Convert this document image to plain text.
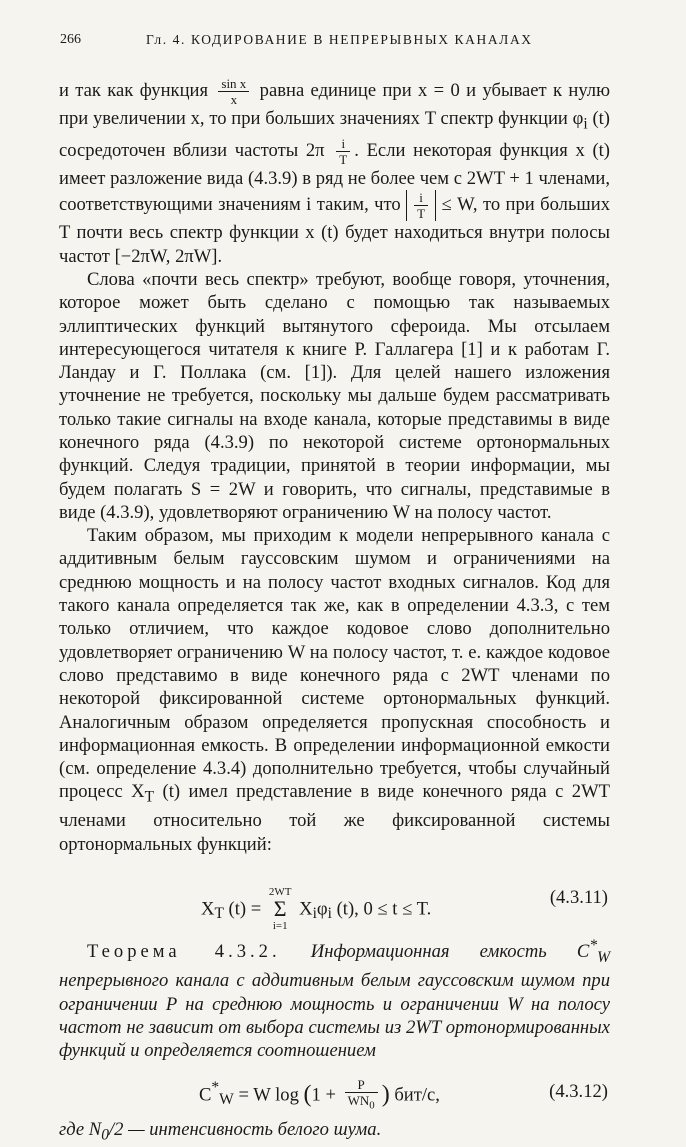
266	Гл. 4. КОДИРОВАНИЕ В НЕПРЕРЫВНЫХ КАНАЛАХ

и так как функция $\frac{\text{sin x}}{x}$ равна единице при x = 0 и убывает к нулю при увеличении x, то при больших значениях T спектр функции $\varphi_i$ (t) сосредоточен вблизи частоты $2\pi \frac{i}{T}$ . Если некоторая функция x (t) имеет разложение вида (4.3.9) в ряд не более чем с 2WT + 1 членами, соответствующими значениям i таким, что $\frac{i}{T} \le W$, то при больших T почти весь спектр функции x (t) будет находиться внутри полосы частот [−2πW, 2πW].

Слова «почти весь спектр» требуют, вообще говоря, уточнения, которое может быть сделано с помощью так называемых эллиптических функций вытянутого сфероида. Мы отсылаем интересующегося читателя к книге Р. Галлагера [1] и к работам Г. Ландау и Г. Поллака (см. [1]). Для целей нашего изложения уточнение не требуется, поскольку мы дальше будем рассматривать только такие сигналы на входе канала, которые представимы в виде конечного ряда (4.3.9) по некоторой системе ортонормальных функций. Следуя традиции, принятой в теории информации, мы будем полагать S = 2W и говорить, что сигналы, представимые в виде (4.3.9), удовлетворяют ограничению W на полосу частот.

Таким образом, мы приходим к модели непрерывного канала с аддитивным белым гауссовским шумом и ограничениями на среднюю мощность и на полосу частот входных сигналов. Код для такого канала определяется так же, как в определении 4.3.3, с тем только отличием, что каждое кодовое слово дополнительно удовлетворяет ограничению W на полосу частот, т. е. каждое кодовое слово представимо в виде конечного ряда с 2WT членами по некоторой фиксированной системе ортонормальных функций. Аналогичным образом определяется пропускная способность и информационная емкость. В определении информационной емкости (см. определение 4.3.4) дополнительно требуется, чтобы случайный процесс $X_T$ (t) имел представление в виде конечного ряда с 2WT членами относительно той же фиксированной системы ортонормальных функций:

$X_T$ (t) =
2WT
Σ
i=1
$X_i\varphi_i$ (t), 0 ≤ t ≤ T.
(4.3.11)

Теорема 4.3.2. Информационная емкость $C^*_W$ непрерывного канала с аддитивным белым гауссовским шумом при ограничении P на среднюю мощность и ограничении W на полосу частот не зависит от выбора системы из 2WT ортонормированных функций и определяется соотношением

$C^*_W = W$ $\log (1 + \frac{P}{WN_0}$ ) бит/с,	(4.3.12)

где $N_0/2$ — интенсивность белого шума.
